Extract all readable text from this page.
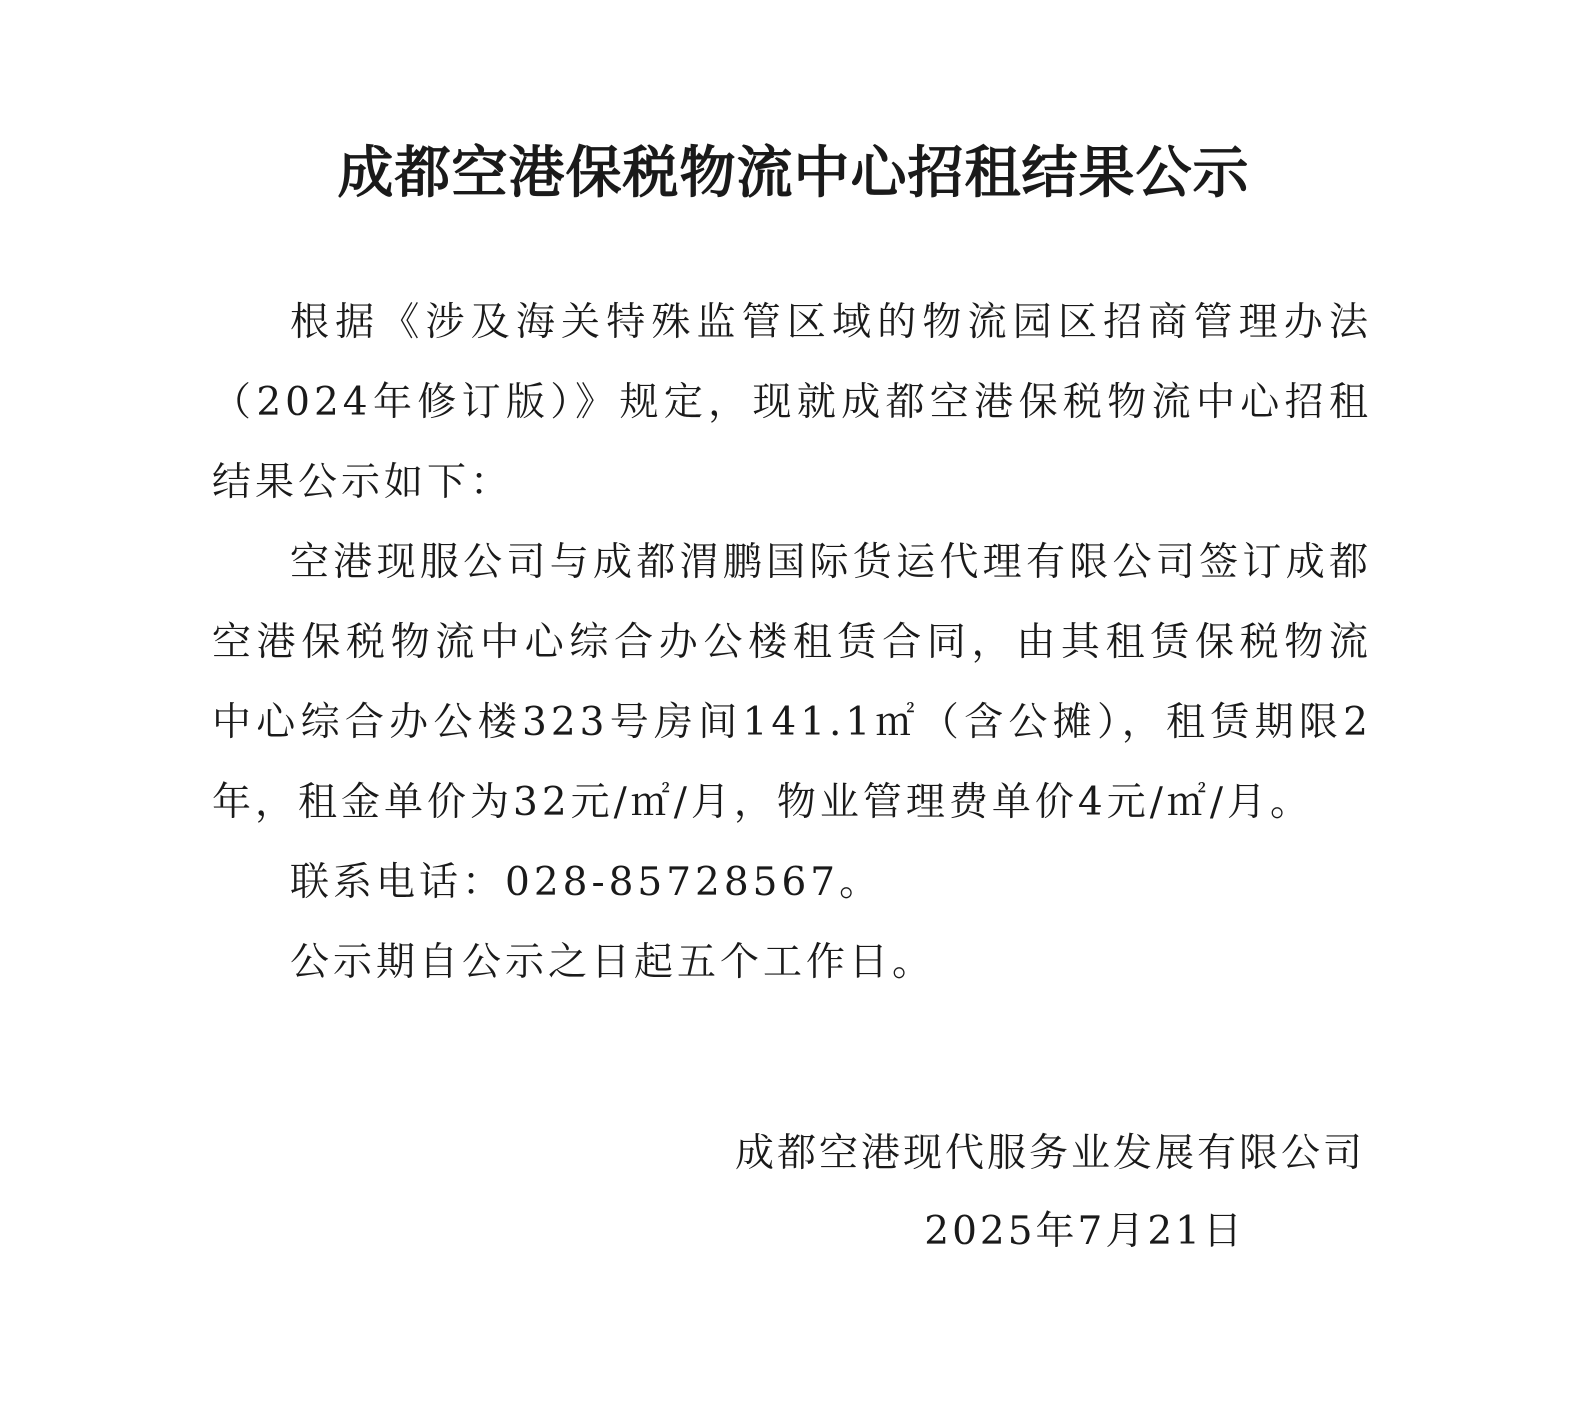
成都空港保税物流中心招租结果公示

根据《涉及海关特殊监管区域的物流园区招商管理办法（2024年修订版）》规定，现就成都空港保税物流中心招租结果公示如下：

空港现服公司与成都渭鹏国际货运代理有限公司签订成都空港保税物流中心综合办公楼租赁合同，由其租赁保税物流中心综合办公楼323号房间141.1㎡（含公摊），租赁期限2年，租金单价为32元/㎡/月，物业管理费单价4元/㎡/月。

联系电话：028-85728567。

公示期自公示之日起五个工作日。

成都空港现代服务业发展有限公司
2025年7月21日
